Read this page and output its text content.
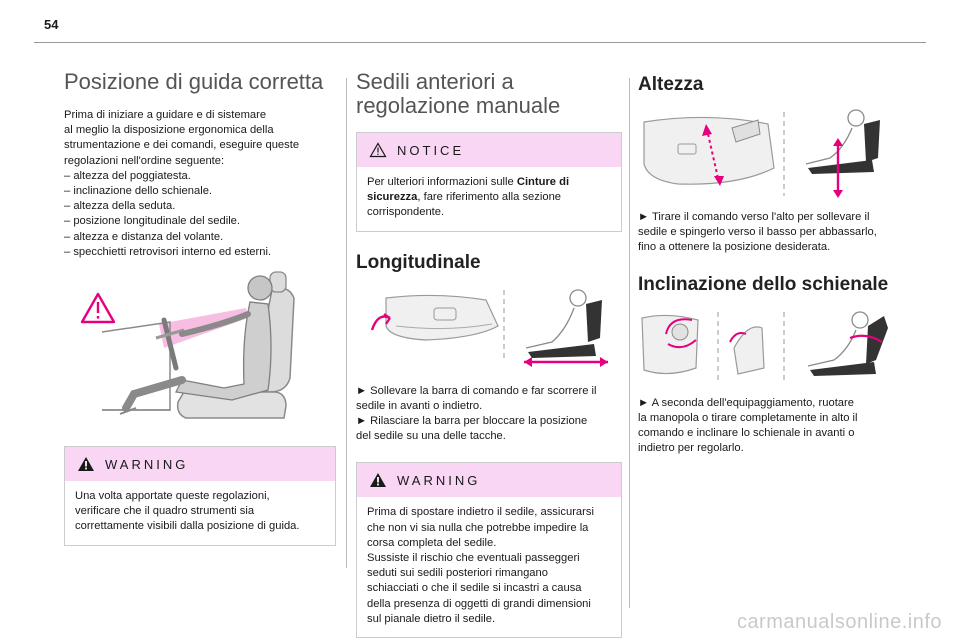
54
Posizione di guida corretta

Prima di iniziare a guidare e di sistemare
al meglio la disposizione ergonomica della
strumentazione e dei comandi, eseguire queste
regolazioni nell'ordine seguente:
– altezza del poggiatesta.
– inclinazione dello schienale.
– altezza della seduta.
– posizione longitudinale del sedile.
– altezza e distanza del volante.
– specchietti retrovisori interno ed esterni.

WARNING
Una volta apportate queste regolazioni,
verificare che il quadro strumenti sia
correttamente visibili dalla posizione di guida.
Sedili anteriori a regolazione manuale
NOTICE
Per ulteriori informazioni sulle Cinture di sicurezza, fare riferimento alla sezione corrispondente.
Longitudinale

► Sollevare la barra di comando e far scorrere il
sedile in avanti o indietro.
► Rilasciare la barra per bloccare la posizione
del sedile su una delle tacche.

WARNING
Prima di spostare indietro il sedile, assicurarsi
che non vi sia nulla che potrebbe impedire la
corsa completa del sedile.
Sussiste il rischio che eventuali passeggeri
seduti sui sedili posteriori rimangano
schiacciati o che il sedile si incastri a causa
della presenza di oggetti di grandi dimensioni
sul pianale dietro il sedile.
Altezza

► Tirare il comando verso l'alto per sollevare il
sedile e spingerlo verso il basso per abbassarlo,
fino a ottenere la posizione desiderata.

Inclinazione dello schienale

► A seconda dell'equipaggiamento, ruotare
la manopola o tirare completamente in alto il
comando e inclinare lo schienale in avanti o
indietro per regolarlo.

carmanualsonline.info
